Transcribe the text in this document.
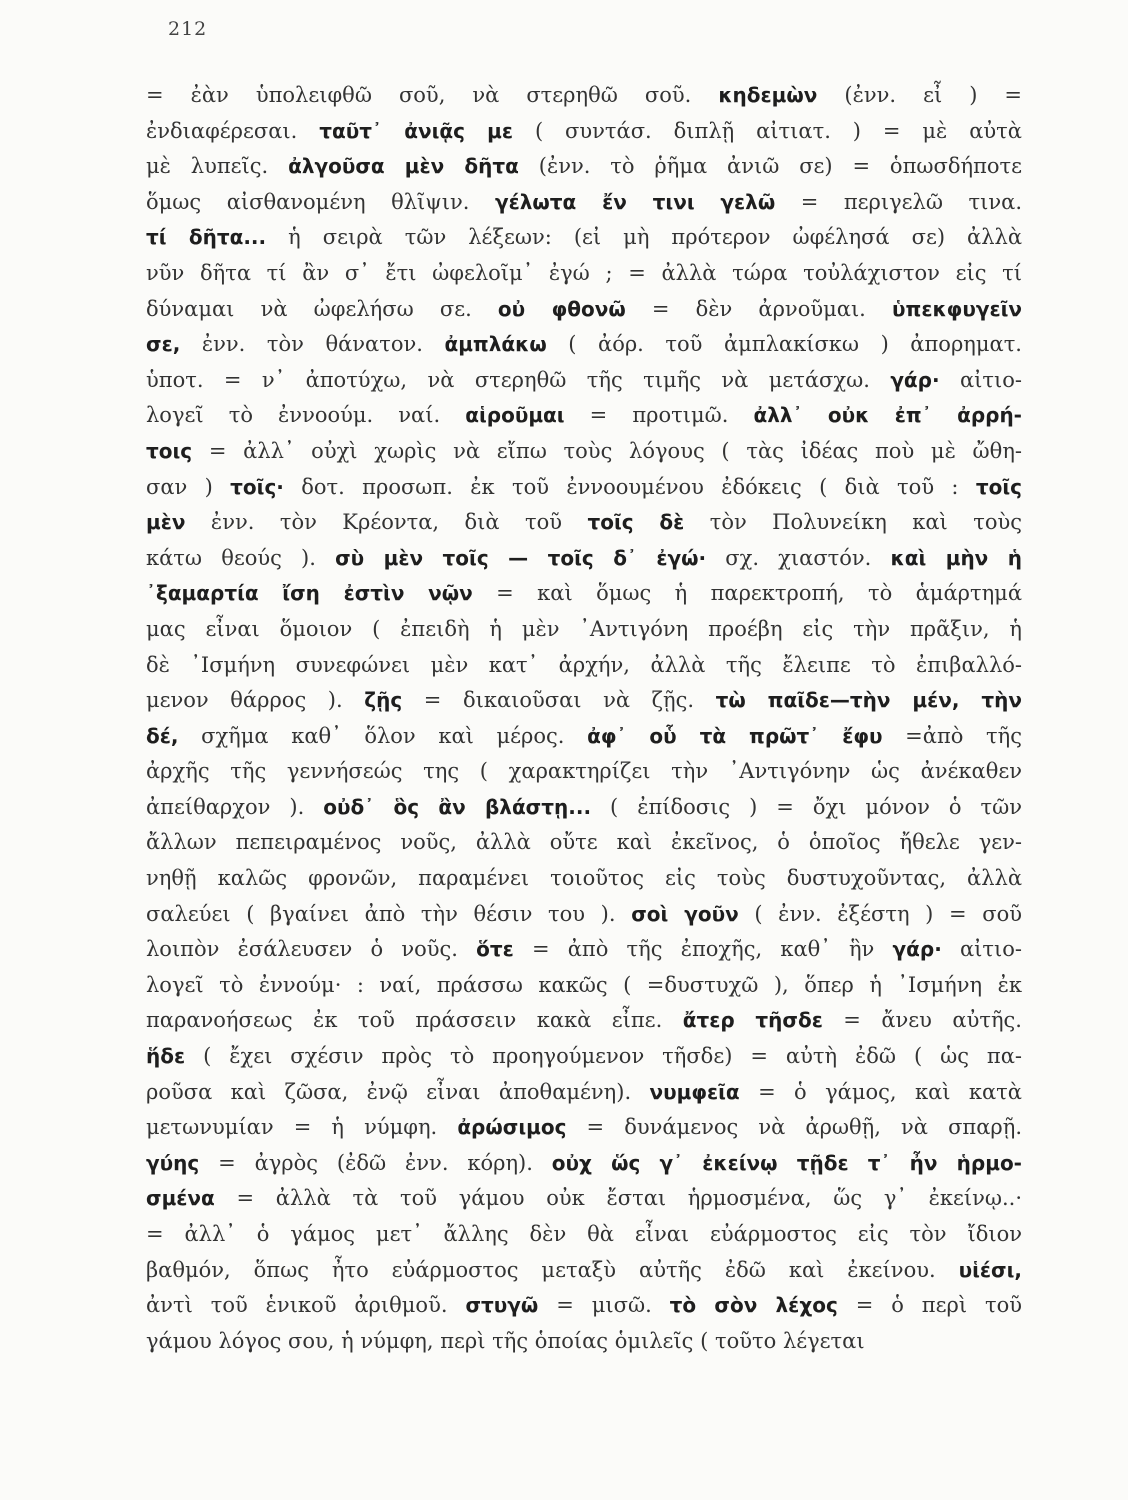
212
= ἐὰν ὑπολειφθῶ σοῦ, νὰ στερηθῶ σοῦ. κηδεμὼν (ἐνν. εἶ ) =
ἐνδιαφέρεσαι. ταῦτ᾽ ἀνιᾷς με ( συντάσ. διπλῇ αἰτιατ. ) = μὲ αὐτὰ
μὲ λυπεῖς. ἀλγοῦσα μὲν δῆτα (ἐνν. τὸ ῥῆμα ἀνιῶ σε) = ὁπωσδήποτε
ὅμως αἰσθανομένη θλῖψιν. γέλωτα ἔν τινι γελῶ = περιγελῶ τινα.
τί δῆτα... ἡ σειρὰ τῶν λέξεων: (εἰ μὴ πρότερον ὠφέλησά σε) ἀλλὰ
νῦν δῆτα τί ἂν σ᾽ ἔτι ὠφελοῖμ᾽ ἐγώ ; = ἀλλὰ τώρα τοὐλάχιστον εἰς τί
δύναμαι νὰ ὠφελήσω σε. οὐ φθονῶ = δὲν ἀρνοῦμαι. ὑπεκφυγεῖν
σε, ἐνν. τὸν θάνατον. ἀμπλάκω ( ἀόρ. τοῦ ἀμπλακίσκω ) ἀπορηματ.
ὑποτ. = ν᾽ ἀποτύχω, νὰ στερηθῶ τῆς τιμῆς νὰ μετάσχω. γάρ· αἰτιο-
λογεῖ τὸ ἐννοούμ. ναί. αἱροῦμαι = προτιμῶ. ἀλλ᾽ οὐκ ἐπ᾽ ἀρρή-
τοις = ἀλλ᾽ οὐχὶ χωρὶς νὰ εἴπω τοὺς λόγους ( τὰς ἰδέας ποὺ μὲ ὤθη-
σαν ) τοῖς· δοτ. προσωπ. ἐκ τοῦ ἐννοουμένου ἐδόκεις ( διὰ τοῦ : τοῖς
μὲν ἐνν. τὸν Κρέοντα, διὰ τοῦ τοῖς δὲ τὸν Πολυνείκη καὶ τοὺς
κάτω θεούς ). σὺ μὲν τοῖς — τοῖς δ᾽ ἐγώ· σχ. χιαστόν. καὶ μὴν ἡ
᾽ξαμαρτία ἴση ἐστὶν νῷν = καὶ ὅμως ἡ παρεκτροπή, τὸ ἁμάρτημά
μας εἶναι ὅμοιον ( ἐπειδὴ ἡ μὲν ᾽Αντιγόνη προέβη εἰς τὴν πρᾶξιν, ἡ
δὲ ᾽Ισμήνη συνεφώνει μὲν κατ᾽ ἀρχήν, ἀλλὰ τῆς ἔλειπε τὸ ἐπιβαλλό-
μενον θάρρος ). ζῇς = δικαιοῦσαι νὰ ζῇς. τὼ παῖδε—τὴν μέν, τὴν
δέ, σχῆμα καθ᾽ ὅλον καὶ μέρος. ἀφ᾽ οὗ τὰ πρῶτ᾽ ἔφυ =ἀπὸ τῆς
ἀρχῆς τῆς γεννήσεώς της ( χαρακτηρίζει τὴν ᾽Αντιγόνην ὡς ἀνέκαθεν
ἀπείθαρχον ). οὐδ᾽ ὃς ἂν βλάστῃ... ( ἐπίδοσις ) = ὄχι μόνον ὁ τῶν
ἄλλων πεπειραμένος νοῦς, ἀλλὰ οὔτε καὶ ἐκεῖνος, ὁ ὁποῖος ἤθελε γεν-
νηθῇ καλῶς φρονῶν, παραμένει τοιοῦτος εἰς τοὺς δυστυχοῦντας, ἀλλὰ
σαλεύει ( βγαίνει ἀπὸ τὴν θέσιν του ). σοὶ γοῦν ( ἐνν. ἐξέστη ) = σοῦ
λοιπὸν ἐσάλευσεν ὁ νοῦς. ὅτε = ἀπὸ τῆς ἐποχῆς, καθ᾽ ἣν γάρ· αἰτιο-
λογεῖ τὸ ἐννούμ· : ναί, πράσσω κακῶς ( =δυστυχῶ ), ὅπερ ἡ ᾽Ισμήνη ἐκ
παρανοήσεως ἐκ τοῦ πράσσειν κακὰ εἶπε. ἄτερ τῆσδε = ἄνευ αὐτῆς.
ἥδε ( ἔχει σχέσιν πρὸς τὸ προηγούμενον τῆσδε) = αὐτὴ ἐδῶ ( ὡς πα-
ροῦσα καὶ ζῶσα, ἐνῷ εἶναι ἀποθαμένη). νυμφεῖα = ὁ γάμος, καὶ κατὰ
μετωνυμίαν = ἡ νύμφη. ἀρώσιμος = δυνάμενος νὰ ἀρωθῇ, νὰ σπαρῇ.
γύης = ἀγρὸς (ἐδῶ ἐνν. κόρη). οὐχ ὥς γ᾽ ἐκείνῳ τῇδε τ᾽ ἦν ἡρμο-
σμένα = ἀλλὰ τὰ τοῦ γάμου οὐκ ἔσται ἡρμοσμένα, ὥς γ᾽ ἐκείνῳ..·
= ἀλλ᾽ ὁ γάμος μετ᾽ ἄλλης δὲν θὰ εἶναι εὐάρμοστος εἰς τὸν ἴδιον
βαθμόν, ὅπως ἦτο εὐάρμοστος μεταξὺ αὐτῆς ἐδῶ καὶ ἐκείνου. υἱέσι,
ἀντὶ τοῦ ἑνικοῦ ἀριθμοῦ. στυγῶ = μισῶ. τὸ σὸν λέχος = ὁ περὶ τοῦ
γάμου λόγος σου, ἡ νύμφη, περὶ τῆς ὁποίας ὁμιλεῖς ( τοῦτο λέγεται
